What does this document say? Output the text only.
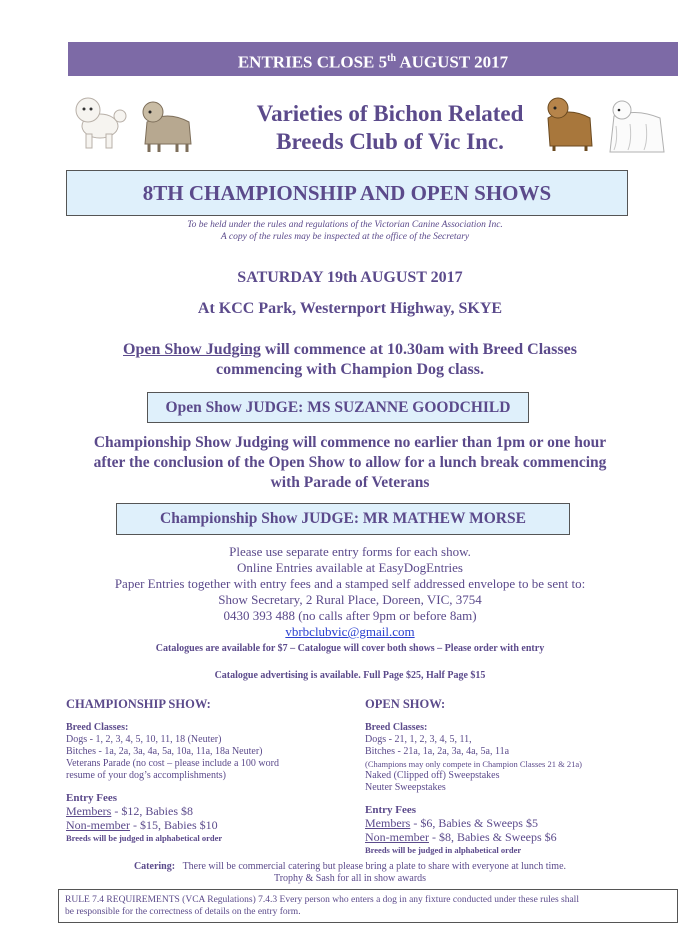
ENTRIES CLOSE 5th AUGUST 2017
Varieties of Bichon Related
Breeds Club of Vic Inc.
8TH CHAMPIONSHIP AND OPEN SHOWS
To be held under the rules and regulations of the Victorian Canine Association Inc.
A copy of the rules may be inspected at the office of the Secretary
SATURDAY 19th AUGUST 2017
At KCC Park, Westernport Highway, SKYE
Open Show Judging will commence at 10.30am with Breed Classes
commencing with Champion Dog class.
Open Show JUDGE: MS SUZANNE GOODCHILD
Championship Show Judging will commence no earlier than 1pm or one hour
after the conclusion of the Open Show to allow for a lunch break commencing
with Parade of Veterans
Championship Show JUDGE: MR MATHEW MORSE
Please use separate entry forms for each show.
Online Entries available at EasyDogEntries
Paper Entries together with entry fees and a stamped self addressed envelope to be sent to:
Show Secretary, 2 Rural Place, Doreen, VIC, 3754
0430 393 488 (no calls after 9pm or before 8am)
vbrbclubvic@gmail.com
Catalogues are available for $7 – Catalogue will cover both shows – Please order with entry
Catalogue advertising is available. Full Page $25, Half Page $15
CHAMPIONSHIP SHOW:
Breed Classes:
Dogs - 1, 2, 3, 4, 5, 10, 11, 18 (Neuter)
Bitches - 1a, 2a, 3a, 4a, 5a, 10a, 11a, 18a Neuter)
Veterans Parade (no cost – please include a 100 word
resume of your dog’s accomplishments)
Entry Fees
Members - $12, Babies $8
Non-member - $15, Babies $10
Breeds will be judged in alphabetical order
OPEN SHOW:
Breed Classes:
Dogs - 21, 1, 2, 3, 4, 5, 11,
Bitches - 21a, 1a, 2a, 3a, 4a, 5a, 11a
(Champions may only compete in Champion Classes 21 & 21a)
Naked (Clipped off) Sweepstakes
Neuter Sweepstakes
Entry Fees
Members - $6, Babies & Sweeps $5
Non-member - $8, Babies & Sweeps $6
Breeds will be judged in alphabetical order
Catering: There will be commercial catering but please bring a plate to share with everyone at lunch time.
Trophy & Sash for all in show awards
RULE 7.4 REQUIREMENTS (VCA Regulations) 7.4.3 Every person who enters a dog in any fixture conducted under these rules shall
be responsible for the correctness of details on the entry form.
